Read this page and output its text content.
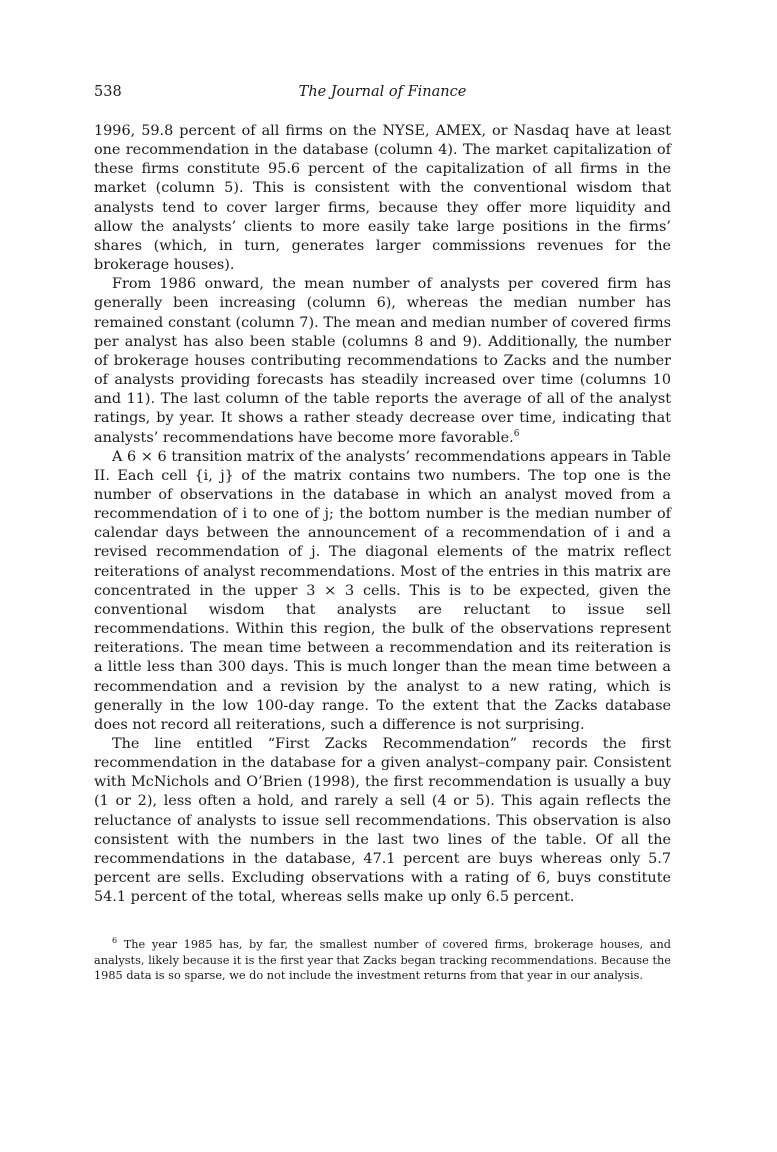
538	The Journal of Finance

1996, 59.8 percent of all firms on the NYSE, AMEX, or Nasdaq have at least one recommendation in the database (column 4). The market capitalization of these firms constitute 95.6 percent of the capitalization of all firms in the market (column 5). This is consistent with the conventional wisdom that analysts tend to cover larger firms, because they offer more liquidity and allow the analysts’ clients to more easily take large positions in the firms’ shares (which, in turn, generates larger commissions revenues for the brokerage houses).

From 1986 onward, the mean number of analysts per covered firm has generally been increasing (column 6), whereas the median number has remained constant (column 7). The mean and median number of covered firms per analyst has also been stable (columns 8 and 9). Additionally, the number of brokerage houses contributing recommendations to Zacks and the number of analysts providing forecasts has steadily increased over time (columns 10 and 11). The last column of the table reports the average of all of the analyst ratings, by year. It shows a rather steady decrease over time, indicating that analysts’ recommendations have become more favorable.$^6$

A 6 × 6 transition matrix of the analysts’ recommendations appears in Table II. Each cell {i, j} of the matrix contains two numbers. The top one is the number of observations in the database in which an analyst moved from a recommendation of i to one of j; the bottom number is the median number of calendar days between the announcement of a recommendation of i and a revised recommendation of j. The diagonal elements of the matrix reflect reiterations of analyst recommendations. Most of the entries in this matrix are concentrated in the upper 3 × 3 cells. This is to be expected, given the conventional wisdom that analysts are reluctant to issue sell recommendations. Within this region, the bulk of the observations represent reiterations. The mean time between a recommendation and its reiteration is a little less than 300 days. This is much longer than the mean time between a recommendation and a revision by the analyst to a new rating, which is generally in the low 100-day range. To the extent that the Zacks database does not record all reiterations, such a difference is not surprising.

The line entitled “First Zacks Recommendation” records the first recommendation in the database for a given analyst–company pair. Consistent with McNichols and O’Brien (1998), the first recommendation is usually a buy (1 or 2), less often a hold, and rarely a sell (4 or 5). This again reflects the reluctance of analysts to issue sell recommendations. This observation is also consistent with the numbers in the last two lines of the table. Of all the recommendations in the database, 47.1 percent are buys whereas only 5.7 percent are sells. Excluding observations with a rating of 6, buys constitute 54.1 percent of the total, whereas sells make up only 6.5 percent.

$^6$ The year 1985 has, by far, the smallest number of covered firms, brokerage houses, and analysts, likely because it is the first year that Zacks began tracking recommendations. Because the 1985 data is so sparse, we do not include the investment returns from that year in our analysis.
